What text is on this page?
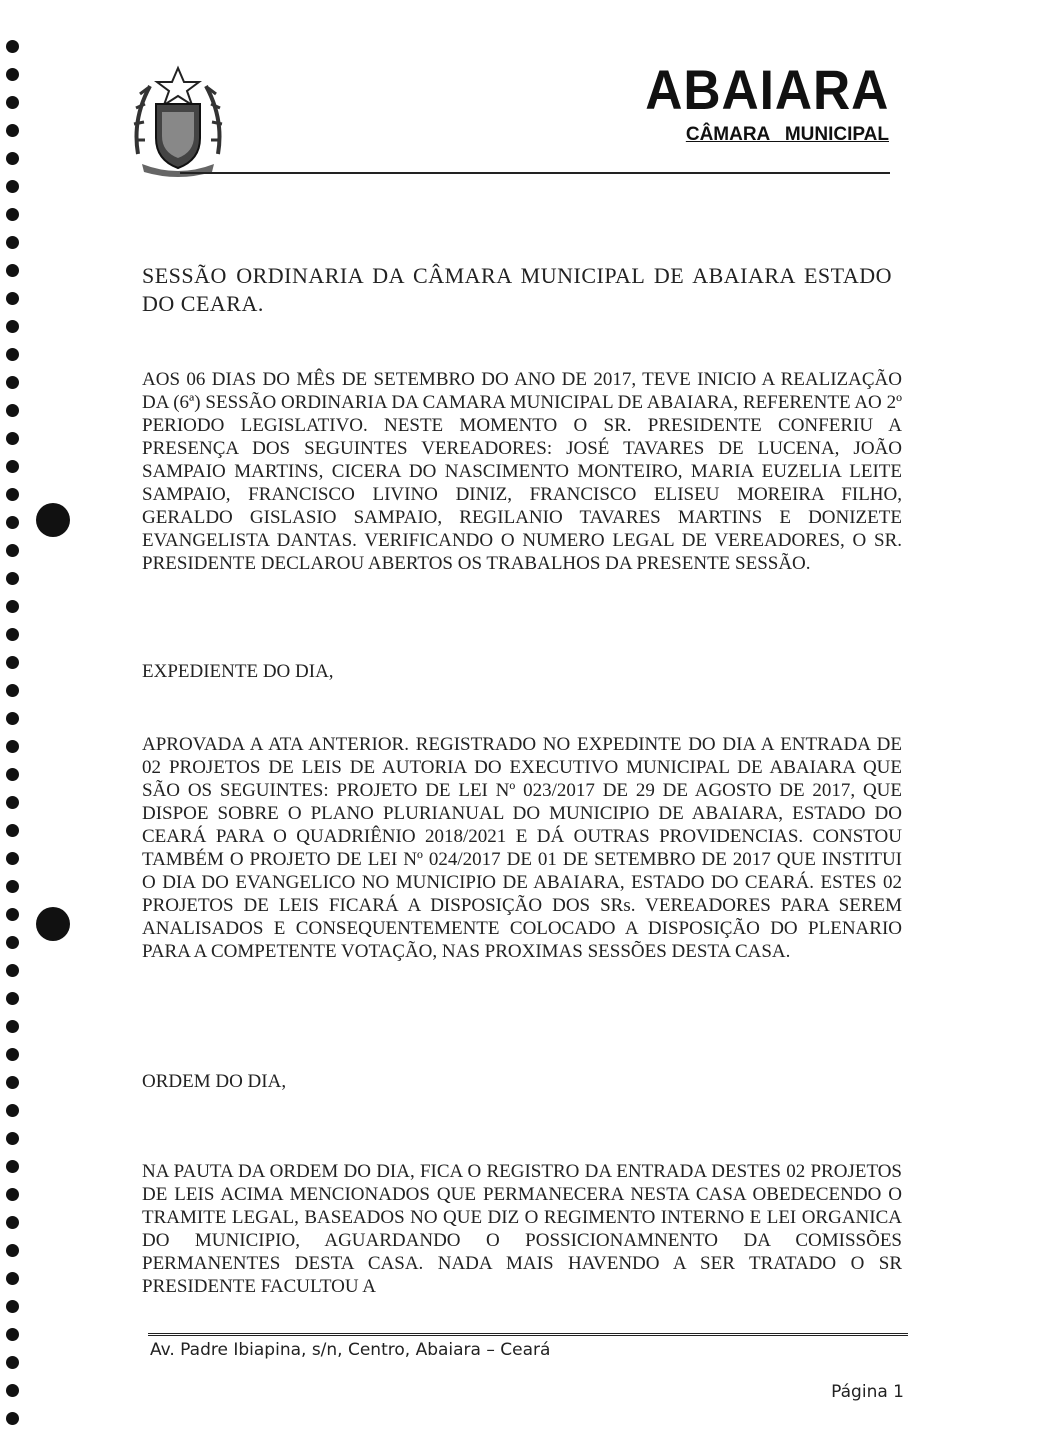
ABAIARA
CÂMARA MUNICIPAL
SESSÃO ORDINARIA DA CÂMARA MUNICIPAL DE ABAIARA ESTADO DO CEARA.
AOS 06 DIAS DO MÊS DE SETEMBRO DO ANO DE 2017, TEVE INICIO A REALIZAÇÃO DA (6ª) SESSÃO ORDINARIA DA CAMARA MUNICIPAL DE ABAIARA, REFERENTE AO 2º PERIODO LEGISLATIVO. NESTE MOMENTO O SR. PRESIDENTE CONFERIU A PRESENÇA DOS SEGUINTES VEREADORES: JOSÉ TAVARES DE LUCENA, JOÃO SAMPAIO MARTINS, CICERA DO NASCIMENTO MONTEIRO, MARIA EUZELIA LEITE SAMPAIO, FRANCISCO LIVINO DINIZ, FRANCISCO ELISEU MOREIRA FILHO, GERALDO GISLASIO SAMPAIO, REGILANIO TAVARES MARTINS E DONIZETE EVANGELISTA DANTAS. VERIFICANDO O NUMERO LEGAL DE VEREADORES, O SR. PRESIDENTE DECLAROU ABERTOS OS TRABALHOS DA PRESENTE SESSÃO.
EXPEDIENTE DO DIA,
APROVADA A ATA ANTERIOR. REGISTRADO NO EXPEDINTE DO DIA A ENTRADA DE 02 PROJETOS DE LEIS DE AUTORIA DO EXECUTIVO MUNICIPAL DE ABAIARA QUE SÃO OS SEGUINTES: PROJETO DE LEI Nº 023/2017 DE 29 DE AGOSTO DE 2017, QUE DISPOE SOBRE O PLANO PLURIANUAL DO MUNICIPIO DE ABAIARA, ESTADO DO CEARÁ PARA O QUADRIÊNIO 2018/2021 E DÁ OUTRAS PROVIDENCIAS. CONSTOU TAMBÉM O PROJETO DE LEI Nº 024/2017 DE 01 DE SETEMBRO DE 2017 QUE INSTITUI O DIA DO EVANGELICO NO MUNICIPIO DE ABAIARA, ESTADO DO CEARÁ. ESTES 02 PROJETOS DE LEIS FICARÁ A DISPOSIÇÃO DOS SRs. VEREADORES PARA SEREM ANALISADOS E CONSEQUENTEMENTE COLOCADO A DISPOSIÇÃO DO PLENARIO PARA A COMPETENTE VOTAÇÃO, NAS PROXIMAS SESSÕES DESTA CASA.
ORDEM DO DIA,
NA PAUTA DA ORDEM DO DIA, FICA O REGISTRO DA ENTRADA DESTES 02 PROJETOS DE LEIS ACIMA MENCIONADOS QUE PERMANECERA NESTA CASA OBEDECENDO O TRAMITE LEGAL, BASEADOS NO QUE DIZ O REGIMENTO INTERNO E LEI ORGANICA DO MUNICIPIO, AGUARDANDO O POSSICIONAMNENTO DA COMISSÕES PERMANENTES DESTA CASA. NADA MAIS HAVENDO A SER TRATADO O SR PRESIDENTE FACULTOU A
Av. Padre Ibiapina, s/n, Centro, Abaiara – Ceará
Página 1
